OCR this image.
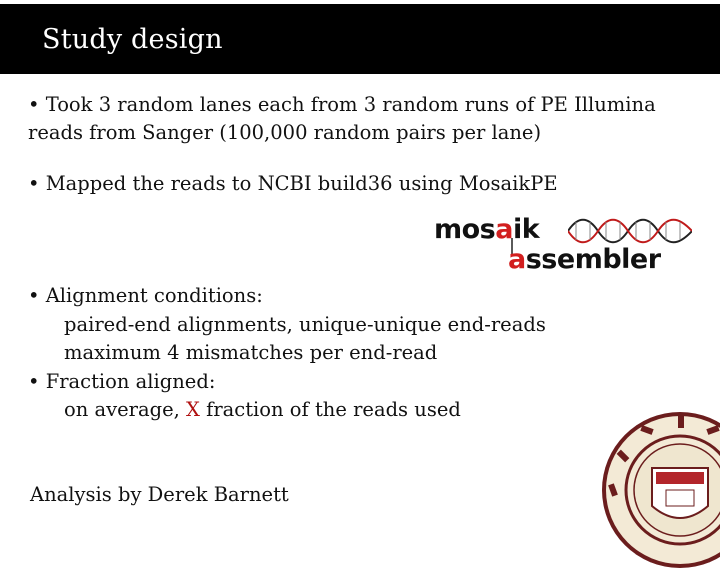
Study design
• Took 3 random lanes each from 3 random runs of PE Illumina
reads from Sanger (100,000 random pairs per lane)
• Mapped the reads to NCBI build36 using MosaikPE
mosaik
assembler
• Alignment conditions:
paired-end alignments, unique-unique end-reads
maximum 4 mismatches per end-read
• Fraction aligned:
on average, X fraction of the reads used
Analysis by Derek Barnett
